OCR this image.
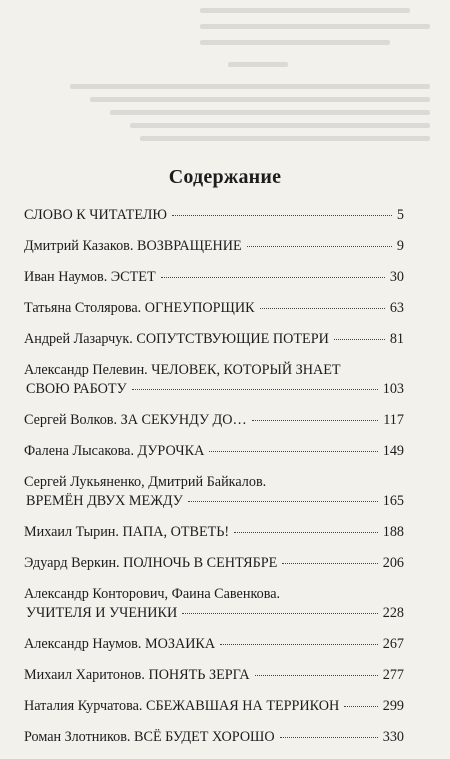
Содержание
СЛОВО К ЧИТАТЕЛЮ	5
Дмитрий Казаков. ВОЗВРАЩЕНИЕ	9
Иван Наумов. ЭСТЕТ	30
Татьяна Столярова. ОГНЕУПОРЩИК	63
Андрей Лазарчук. СОПУТСТВУЮЩИЕ ПОТЕРИ	81
Александр Пелевин. ЧЕЛОВЕК, КОТОРЫЙ ЗНАЕТ
СВОЮ РАБОТУ	103
Сергей Волков. ЗА СЕКУНДУ ДО…	117
Фалена Лысакова. ДУРОЧКА	149
Сергей Лукьяненко, Дмитрий Байкалов.
ВРЕМЁН ДВУХ МЕЖДУ	165
Михаил Тырин. ПАПА, ОТВЕТЬ!	188
Эдуард Веркин. ПОЛНОЧЬ В СЕНТЯБРЕ	206
Александр Конторович, Фаина Савенкова.
УЧИТЕЛЯ И УЧЕНИКИ	228
Александр Наумов. МОЗАИКА	267
Михаил Харитонов. ПОНЯТЬ ЗЕРГА	277
Наталия Курчатова. СБЕЖАВШАЯ НА ТЕРРИКОН	299
Роман Злотников. ВСЁ БУДЕТ ХОРОШО	330
